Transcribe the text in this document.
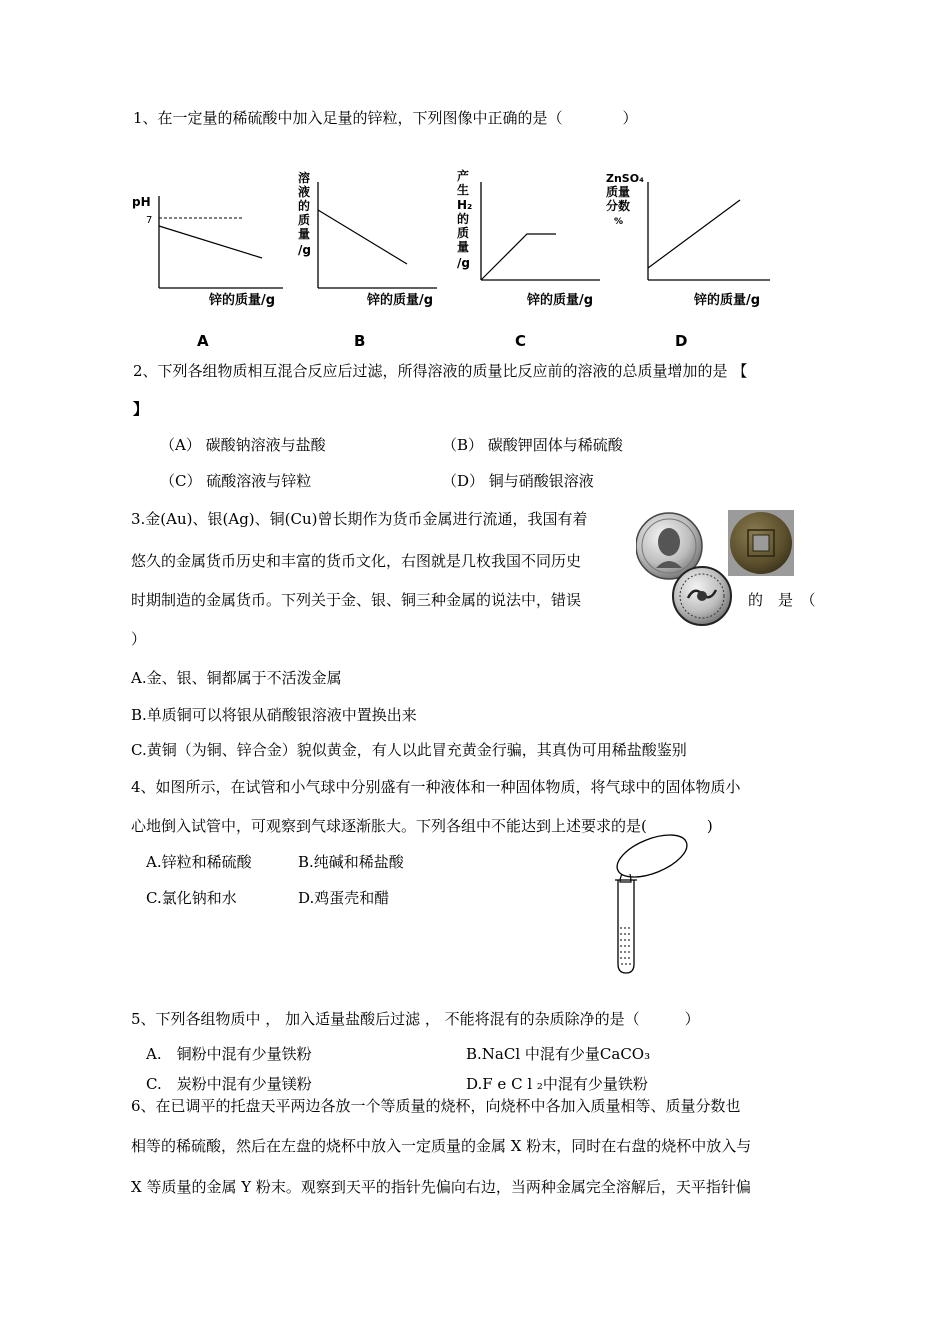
1、在一定量的稀硫酸中加入足量的锌粒，下列图像中正确的是（　　　　）
pH
7
锌的质量/g
溶
液
的
质
量
/g
锌的质量/g
产
生
H₂
的
质
量
/g
锌的质量/g
ZnSO₄
质量
分数
%
锌的质量/g
A	B	C	D
2、下列各组物质相互混合反应后过滤，所得溶液的质量比反应前的溶液的总质量增加的是 【
】
（A） 碳酸钠溶液与盐酸	（B） 碳酸钾固体与稀硫酸
（C） 硫酸溶液与锌粒	（D） 铜与硝酸银溶液
3.金(Au)、银(Ag)、铜(Cu)曾长期作为货币金属进行流通，我国有着
悠久的金属货币历史和丰富的货币文化，右图就是几枚我国不同历史
时期制造的金属货币。下列关于金、银、铜三种金属的说法中，错误	的　是　（
）
A.金、银、铜都属于不活泼金属
B.单质铜可以将银从硝酸银溶液中置换出来
C.黄铜（为铜、锌合金）貌似黄金，有人以此冒充黄金行骗，其真伪可用稀盐酸鉴别
4、如图所示，在试管和小气球中分别盛有一种液体和一种固体物质，将气球中的固体物质小
心地倒入试管中，可观察到气球逐渐胀大。下列各组中不能达到上述要求的是(　　　　)
A.锌粒和稀硫酸	B.纯碱和稀盐酸
C.氯化钠和水	D.鸡蛋壳和醋
5、下列各组物质中 ， 加入适量盐酸后过滤 ， 不能将混有的杂质除净的是（　　　）
A.　铜粉中混有少量铁粉	B.NaCl 中混有少量CaCO₃
C.　炭粉中混有少量镁粉	D.F e C l ₂中混有少量铁粉
6、在已调平的托盘天平两边各放一个等质量的烧杯，向烧杯中各加入质量相等、质量分数也
相等的稀硫酸，然后在左盘的烧杯中放入一定质量的金属 X 粉末，同时在右盘的烧杯中放入与
X 等质量的金属 Y 粉末。观察到天平的指针先偏向右边，当两种金属完全溶解后，天平指针偏
